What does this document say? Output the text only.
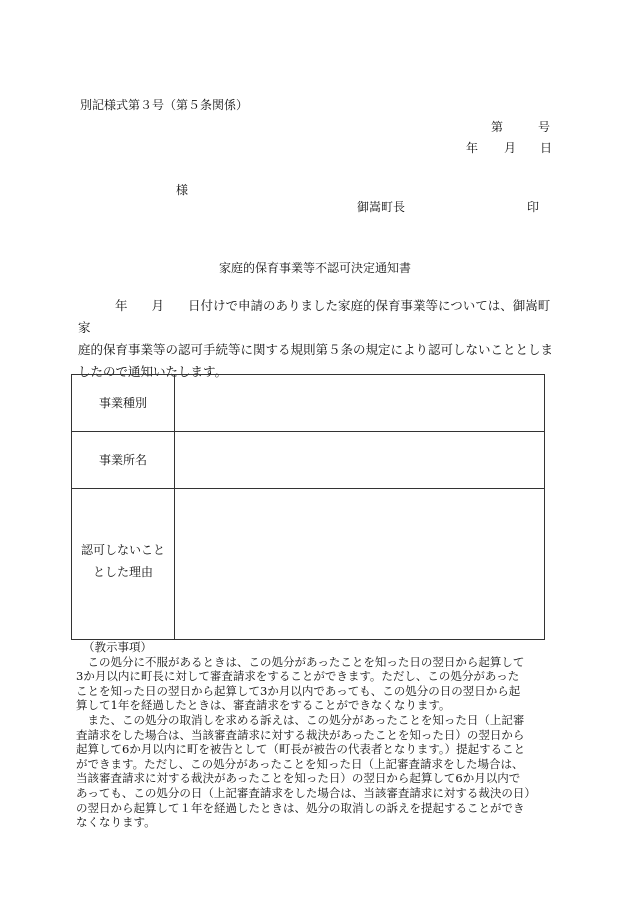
別記様式第３号（第５条関係）
第	号
年 月 日
様
御嵩町長	印
家庭的保育事業等不認可決定通知書
年 月 日付けで申請のありました家庭的保育事業等については、御嵩町家
庭的保育事業等の認可手続等に関する規則第５条の規定により認可しないこととしま
したので通知いたします。
事業種別	
事業所名	

認可しないこと
とした理由	

（教示事項）

　この処分に不服があるときは、この処分があったことを知った日の翌日から起算して

3か月以内に町長に対して審査請求をすることができます。ただし、この処分があった

ことを知った日の翌日から起算して3か月以内であっても、この処分の日の翌日から起

算して1年を経過したときは、審査請求をすることができなくなります。

　また、この処分の取消しを求める訴えは、この処分があったことを知った日（上記審

査請求をした場合は、当該審査請求に対する裁決があったことを知った日）の翌日から

起算して6か月以内に町を被告として（町長が被告の代表者となります。）提起すること

ができます。ただし、この処分があったことを知った日（上記審査請求をした場合は、

当該審査請求に対する裁決があったことを知った日）の翌日から起算して6か月以内で

あっても、この処分の日（上記審査請求をした場合は、当該審査請求に対する裁決の日）

の翌日から起算して１年を経過したときは、処分の取消しの訴えを提起することができ

なくなります。
